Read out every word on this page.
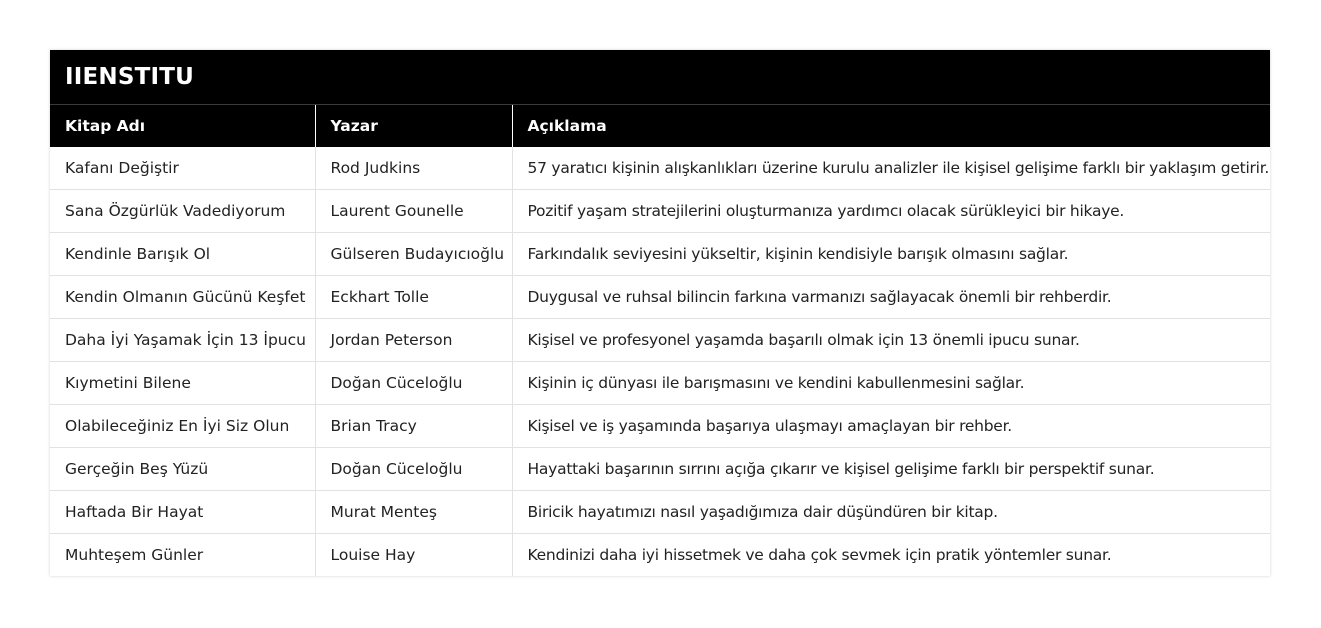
IIENSTITU		
Kitap Adı	Yazar	Açıklama
Kafanı Değiştir	Rod Judkins	57 yaratıcı kişinin alışkanlıkları üzerine kurulu analizler ile kişisel gelişime farklı bir yaklaşım getirir.
Sana Özgürlük Vadediyorum	Laurent Gounelle	Pozitif yaşam stratejilerini oluşturmanıza yardımcı olacak sürükleyici bir hikaye.
Kendinle Barışık Ol	Gülseren Budayıcıoğlu	Farkındalık seviyesini yükseltir, kişinin kendisiyle barışık olmasını sağlar.
Kendin Olmanın Gücünü Keşfet	Eckhart Tolle	Duygusal ve ruhsal bilincin farkına varmanızı sağlayacak önemli bir rehberdir.
Daha İyi Yaşamak İçin 13 İpucu	Jordan Peterson	Kişisel ve profesyonel yaşamda başarılı olmak için 13 önemli ipucu sunar.
Kıymetini Bilene	Doğan Cüceloğlu	Kişinin iç dünyası ile barışmasını ve kendini kabullenmesini sağlar.
Olabileceğiniz En İyi Siz Olun	Brian Tracy	Kişisel ve iş yaşamında başarıya ulaşmayı amaçlayan bir rehber.
Gerçeğin Beş Yüzü	Doğan Cüceloğlu	Hayattaki başarının sırrını açığa çıkarır ve kişisel gelişime farklı bir perspektif sunar.
Haftada Bir Hayat	Murat Menteş	Biricik hayatımızı nasıl yaşadığımıza dair düşündüren bir kitap.
Muhteşem Günler	Louise Hay	Kendinizi daha iyi hissetmek ve daha çok sevmek için pratik yöntemler sunar.
